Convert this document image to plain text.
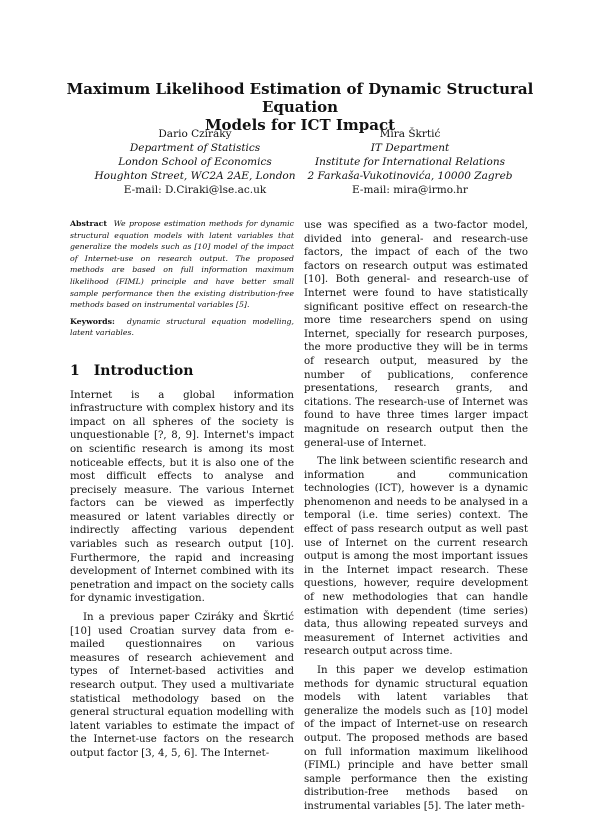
Maximum Likelihood Estimation of Dynamic Structural Equation
Models for ICT Impact
Dario Cziráky
Department of Statistics
London School of Economics
Houghton Street, WC2A 2AE, London
E-mail: D.Ciraki@lse.ac.uk
Mira Škrtić
IT Department
Institute for International Relations
2 Farkaša-Vukotinovića, 10000 Zagreb
E-mail: mira@irmo.hr

Abstract We propose estimation methods for dynamic structural equation models with latent variables that generalize the models such as [10] model of the impact of Internet-use on research output. The proposed methods are based on full information maximum likelihood (FIML) principle and have better small sample performance then the existing distribution-free methods based on instrumental variables [5].

Keywords: dynamic structural equation modelling, latent variables.

1 Introduction

Internet is a global information infrastructure with complex history and its impact on all spheres of the society is unquestionable [?, 8, 9]. Internet's impact on scientific research is among its most noticeable effects, but it is also one of the most difficult effects to analyse and precisely measure. The various Internet factors can be viewed as imperfectly measured or latent variables directly or indirectly affecting various dependent variables such as research output [10]. Furthermore, the rapid and increasing development of Internet combined with its penetration and impact on the society calls for dynamic investigation.

In a previous paper Cziráky and Škrtić [10] used Croatian survey data from e-mailed questionnaires on various measures of research achievement and types of Internet-based activities and research output. They used a multivariate statistical methodology based on the general structural equation modelling with latent variables to estimate the impact of the Internet-use factors on the research output factor [3, 4, 5, 6]. The Internet-

use was specified as a two-factor model, divided into general- and research-use factors, the impact of each of the two factors on research output was estimated [10]. Both general- and research-use of Internet were found to have statistically significant positive effect on research-the more time researchers spend on using Internet, specially for research purposes, the more productive they will be in terms of research output, measured by the number of publications, conference presentations, research grants, and citations. The research-use of Internet was found to have three times larger impact magnitude on research output then the general-use of Internet.

The link between scientific research and information and communication technologies (ICT), however is a dynamic phenomenon and needs to be analysed in a temporal (i.e. time series) context. The effect of pass research output as well past use of Internet on the current research output is among the most important issues in the Internet impact research. These questions, however, require development of new methodologies that can handle estimation with dependent (time series) data, thus allowing repeated surveys and measurement of Internet activities and research output across time.

In this paper we develop estimation methods for dynamic structural equation models with latent variables that generalize the models such as [10] model of the impact of Internet-use on research output. The proposed methods are based on full information maximum likelihood (FIML) principle and have better small sample performance then the existing distribution-free methods based on instrumental variables [5]. The later meth-
